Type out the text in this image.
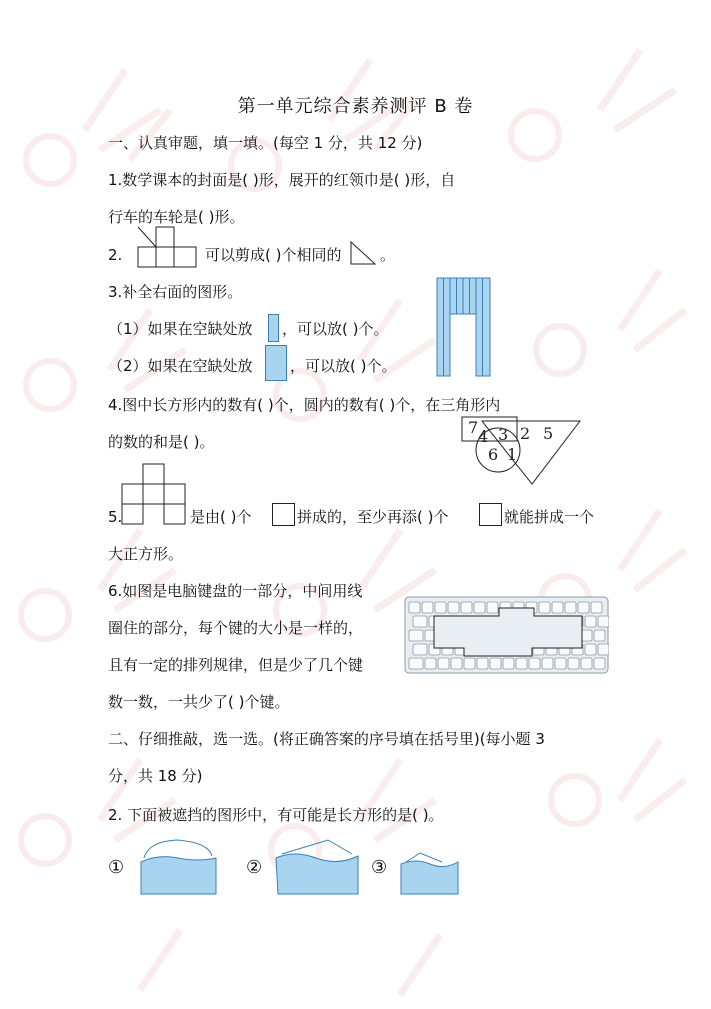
第一单元综合素养测评 B 卷
一、认真审题，填一填。(每空 1 分，共 12 分)
1.数学课本的封面是( )形，展开的红领巾是( )形，自
行车的车轮是( )形。
2.	可以剪成( )个相同的	。
3.补全右面的图形。
（1）如果在空缺处放 ，可以放( )个。
（2）如果在空缺处放 ，可以放( )个。
4.图中长方形内的数有( )个，圆内的数有( )个，在三角形内
的数的和是( )。
7 4 3 2 5
6 1
5.	是由( )个	拼成的，至少再添( )个	就能拼成一个
大正方形。
6.如图是电脑键盘的一部分，中间用线
圈住的部分，每个键的大小是一样的，
且有一定的排列规律，但是少了几个键
数一数，一共少了( )个键。
二、仔细推敲，选一选。(将正确答案的序号填在括号里)(每小题 3
分，共 18 分)
2. 下面被遮挡的图形中，有可能是长方形的是( )。
①	②	③
